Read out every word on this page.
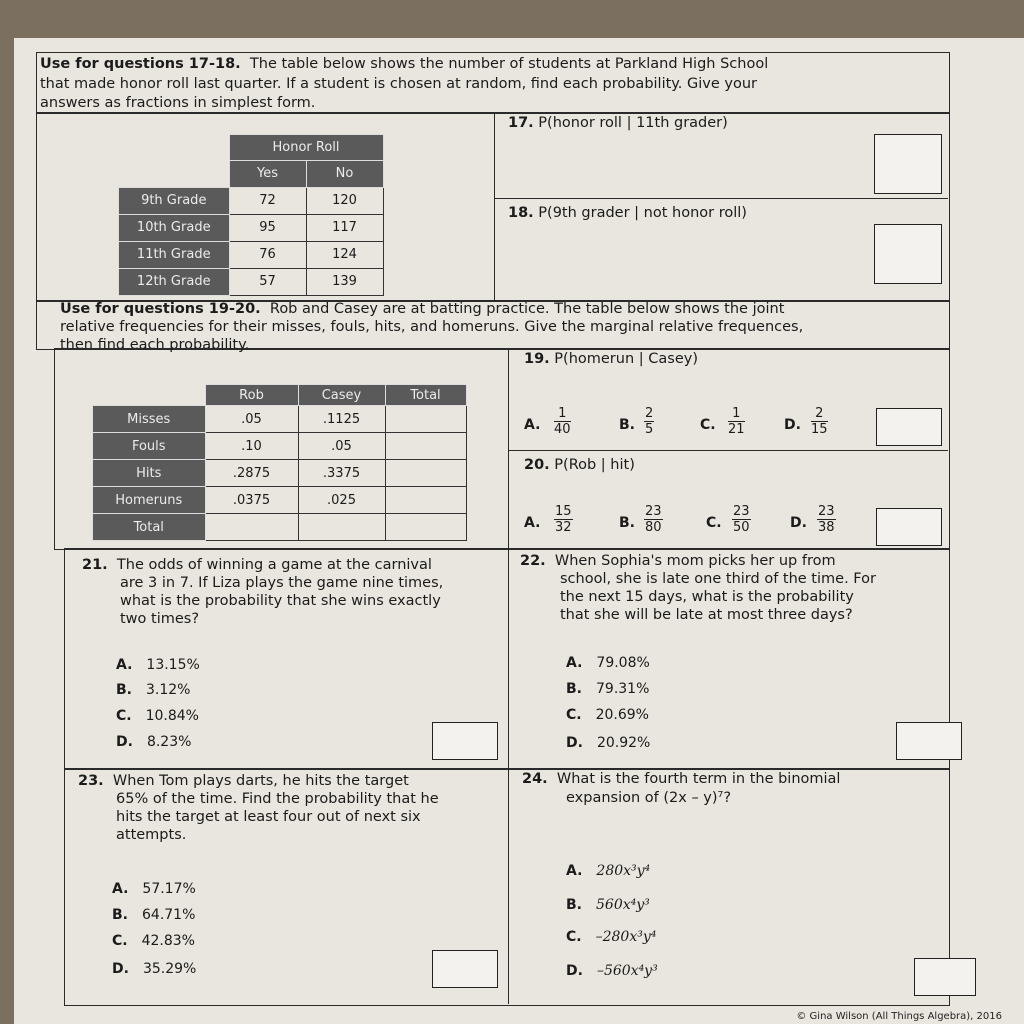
Use for questions 17-18. The table below shows the number of students at Parkland High School
that made honor roll last quarter. If a student is chosen at random, find each probability. Give your
answers as fractions in simplest form.
	Honor Roll	
	Yes	No
9th Grade	72	120
10th Grade	95	117
11th Grade	76	124
12th Grade	57	139
17. P(honor roll | 11th grader)
18. P(9th grader | not honor roll)
Use for questions 19-20. Rob and Casey are at batting practice. The table below shows the joint
relative frequencies for their misses, fouls, hits, and homeruns. Give the marginal relative frequences,
then find each probability.
	Rob	Casey	Total
Misses	.05	.1125	
Fouls	.10	.05	
Hits	.2875	.3375	
Homeruns	.0375	.025	
Total			
19. P(homerun | Casey)
A.	$\frac{1}{40}$	B. $\frac{2}{5}$	C. $\frac{1}{21}$	D. $\frac{2}{15}$
20. P(Rob | hit)
A.	$\frac{15}{32}$	B. $\frac{23}{80}$	C. $\frac{23}{50}$	D. $\frac{23}{38}$
21. The odds of winning a game at the carnival
are 3 in 7. If Liza plays the game nine times,
what is the probability that she wins exactly
two times?
A. 13.15%
B. 3.12%
C. 10.84%
D. 8.23%
22. When Sophia's mom picks her up from
school, she is late one third of the time. For
the next 15 days, what is the probability
that she will be late at most three days?
A. 79.08%
B. 79.31%
C. 20.69%
D. 20.92%
23. When Tom plays darts, he hits the target
65% of the time. Find the probability that he
hits the target at least four out of next six
attempts.
A. 57.17%
B. 64.71%
C. 42.83%
D. 35.29%
24. What is the fourth term in the binomial
expansion of (2x – y)⁷?
A. 280x³y⁴
B. 560x⁴y³
C. –280x³y⁴
D. –560x⁴y³
© Gina Wilson (All Things Algebra), 2016
